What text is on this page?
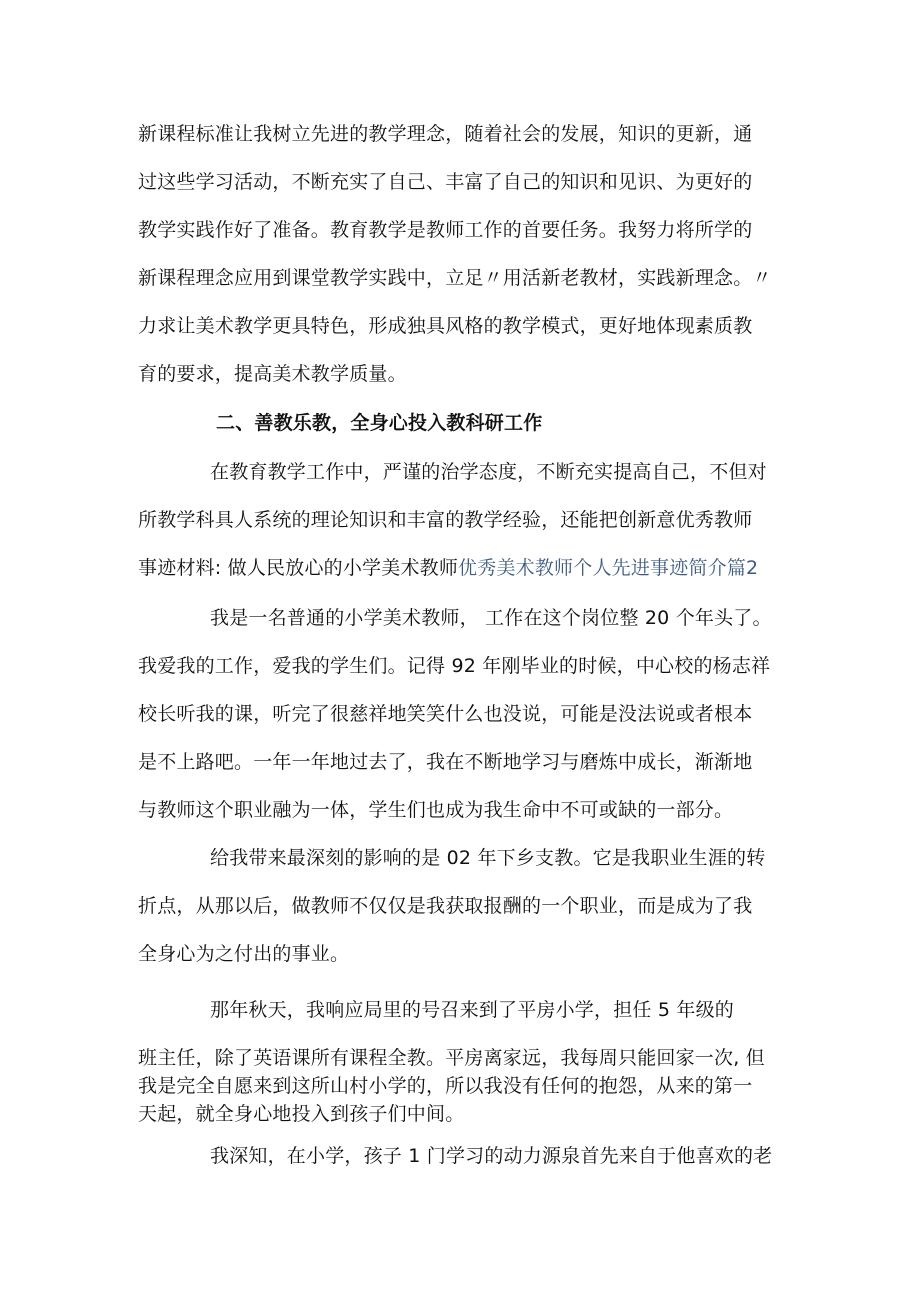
新课程标准让我树立先进的教学理念，随着社会的发展，知识的更新，通
过这些学习活动，不断充实了自己、丰富了自己的知识和见识、为更好的
教学实践作好了准备。教育教学是教师工作的首要任务。我努力将所学的
新课程理念应用到课堂教学实践中，立足〃用活新老教材，实践新理念。〃
力求让美术教学更具特色，形成独具风格的教学模式，更好地体现素质教
育的要求，提高美术教学质量。
二、善教乐教，全身心投入教科研工作
在教育教学工作中，严谨的治学态度，不断充实提高自己，不但对
所教学科具人系统的理论知识和丰富的教学经验，还能把创新意优秀教师
事迹材料: 做人民放心的小学美术教师优秀美术教师个人先进事迹简介篇2
我是一名普通的小学美术教师， 工作在这个岗位整 20 个年头了。
我爱我的工作，爱我的学生们。记得 92 年刚毕业的时候，中心校的杨志祥
校长听我的课，听完了很慈祥地笑笑什么也没说，可能是没法说或者根本
是不上路吧。一年一年地过去了，我在不断地学习与磨炼中成长，渐渐地
与教师这个职业融为一体，学生们也成为我生命中不可或缺的一部分。
给我带来最深刻的影响的是 02 年下乡支教。它是我职业生涯的转
折点，从那以后，做教师不仅仅是我获取报酬的一个职业，而是成为了我
全身心为之付出的事业。
那年秋天，我响应局里的号召来到了平房小学，担任 5 年级的
班主任，除了英语课所有课程全教。平房离家远，我每周只能回家一次, 但
我是完全自愿来到这所山村小学的，所以我没有任何的抱怨，从来的第一
天起，就全身心地投入到孩子们中间。
我深知，在小学，孩子 1 门学习的动力源泉首先来自于他喜欢的老
